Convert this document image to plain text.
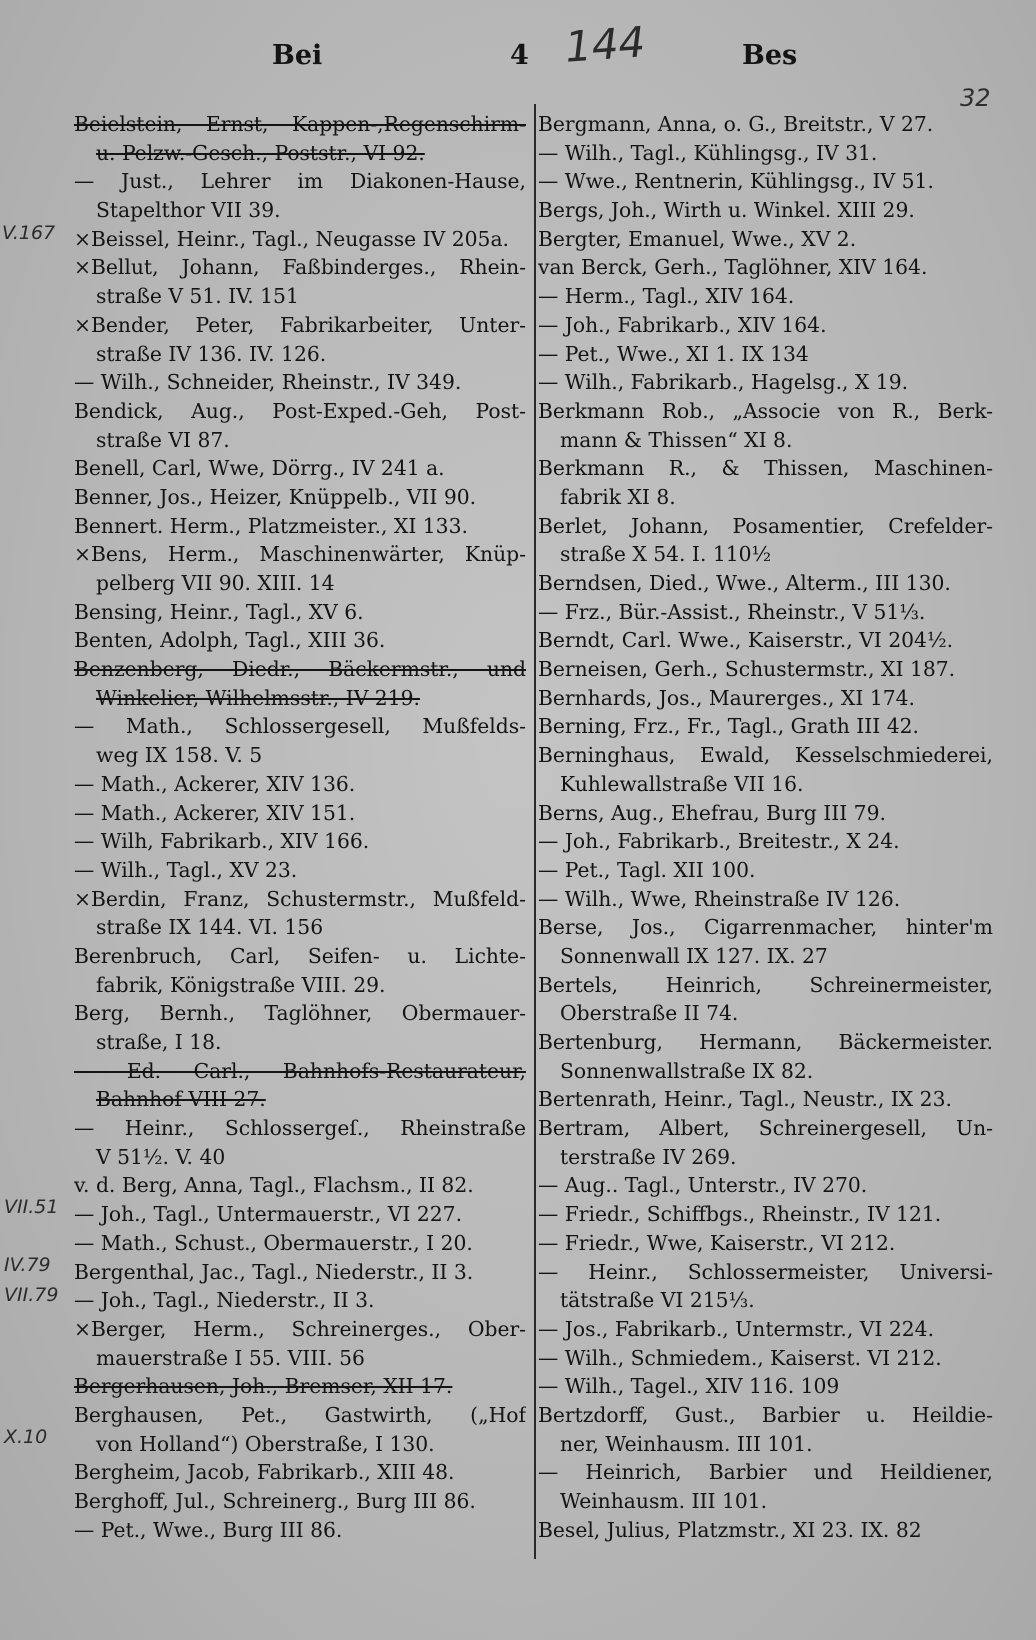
Bei	4 144	Bes
32
Beielstein, Ernst, Kappen-,Regenschirm-
u. Pelzw.-Gesch., Poststr., VI 92.
— Just., Lehrer im Diakonen-Hause,
Stapelthor VII 39.
×Beissel, Heinr., Tagl., Neugasse IV 205a.
×Bellut, Johann, Faßbinderges., Rhein-
straße V 51. IV. 151
×Bender, Peter, Fabrikarbeiter, Unter-
straße IV 136. IV. 126.
— Wilh., Schneider, Rheinstr., IV 349.
Bendick, Aug., Post-Exped.-Geh, Post-
straße VI 87.
Benell, Carl, Wwe, Dörrg., IV 241 a.
Benner, Jos., Heizer, Knüppelb., VII 90.
Bennert. Herm., Platzmeister., XI 133.
×Bens, Herm., Maschinenwärter, Knüp-
pelberg VII 90. XIII. 14
Bensing, Heinr., Tagl., XV 6.
Benten, Adolph, Tagl., XIII 36.
Benzenberg, Diedr., Bäckermstr., und
Winkelier, Wilhelmsstr., IV 219.
— Math., Schlossergesell, Mußfelds-
weg IX 158. V. 5
— Math., Ackerer, XIV 136.
— Math., Ackerer, XIV 151.
— Wilh, Fabrikarb., XIV 166.
— Wilh., Tagl., XV 23.
×Berdin, Franz, Schustermstr., Mußfeld-
straße IX 144. VI. 156
Berenbruch, Carl, Seifen- u. Lichte-
fabrik, Königstraße VIII. 29.
Berg, Bernh., Taglöhner, Obermauer-
straße, I 18.
— Ed. Carl., Bahnhofs-Restaurateur,
Bahnhof VIII 27.
— Heinr., Schlossergeſ., Rheinstraße
V 51½. V. 40
v. d. Berg, Anna, Tagl., Flachsm., II 82.
— Joh., Tagl., Untermauerstr., VI 227.
— Math., Schust., Obermauerstr., I 20.
Bergenthal, Jac., Tagl., Niederstr., II 3.
— Joh., Tagl., Niederstr., II 3.
×Berger, Herm., Schreinerges., Ober-
mauerstraße I 55. VIII. 56
Bergerhausen, Joh., Bremser, XII 17.
Berghausen, Pet., Gastwirth, („Hof
von Holland“) Oberstraße, I 130.
Bergheim, Jacob, Fabrikarb., XIII 48.
Berghoff, Jul., Schreinerg., Burg III 86.
— Pet., Wwe., Burg III 86.
Bergmann, Anna, o. G., Breitstr., V 27.
— Wilh., Tagl., Kühlingsg., IV 31.
— Wwe., Rentnerin, Kühlingsg., IV 51.
Bergs, Joh., Wirth u. Winkel. XIII 29.
Bergter, Emanuel, Wwe., XV 2.
van Berck, Gerh., Taglöhner, XIV 164.
— Herm., Tagl., XIV 164.
— Joh., Fabrikarb., XIV 164.
— Pet., Wwe., XI 1. IX 134
— Wilh., Fabrikarb., Hagelsg., X 19.
Berkmann Rob., „Associe von R., Berk-
mann & Thissen“ XI 8.
Berkmann R., & Thissen, Maschinen-
fabrik XI 8.
Berlet, Johann, Posamentier, Crefelder-
straße X 54. I. 110½
Berndsen, Died., Wwe., Alterm., III 130.
— Frz., Bür.-Assist., Rheinstr., V 51⅓.
Berndt, Carl. Wwe., Kaiserstr., VI 204½.
Berneisen, Gerh., Schustermstr., XI 187.
Bernhards, Jos., Maurerges., XI 174.
Berning, Frz., Fr., Tagl., Grath III 42.
Berninghaus, Ewald, Kesselschmiederei,
Kuhlewallstraße VII 16.
Berns, Aug., Ehefrau, Burg III 79.
— Joh., Fabrikarb., Breitestr., X 24.
— Pet., Tagl. XII 100.
— Wilh., Wwe, Rheinstraße IV 126.
Berse, Jos., Cigarrenmacher, hinter'm
Sonnenwall IX 127. IX. 27
Bertels, Heinrich, Schreinermeister,
Oberstraße II 74.
Bertenburg, Hermann, Bäckermeister.
Sonnenwallstraße IX 82.
Bertenrath, Heinr., Tagl., Neustr., IX 23.
Bertram, Albert, Schreinergesell, Un-
terstraße IV 269.
— Aug.. Tagl., Unterstr., IV 270.
— Friedr., Schiffbgs., Rheinstr., IV 121.
— Friedr., Wwe, Kaiserstr., VI 212.
— Heinr., Schlossermeister, Universi-
tätstraße VI 215⅓.
— Jos., Fabrikarb., Untermstr., VI 224.
— Wilh., Schmiedem., Kaiserst. VI 212.
— Wilh., Tagel., XIV 116. 109
Bertzdorff, Gust., Barbier u. Heildie-
ner, Weinhausm. III 101.
— Heinrich, Barbier und Heildiener,
Weinhausm. III 101.
Besel, Julius, Platzmstr., XI 23. IX. 82
V.167
VII.51
IV.79
VII.79
X.10
